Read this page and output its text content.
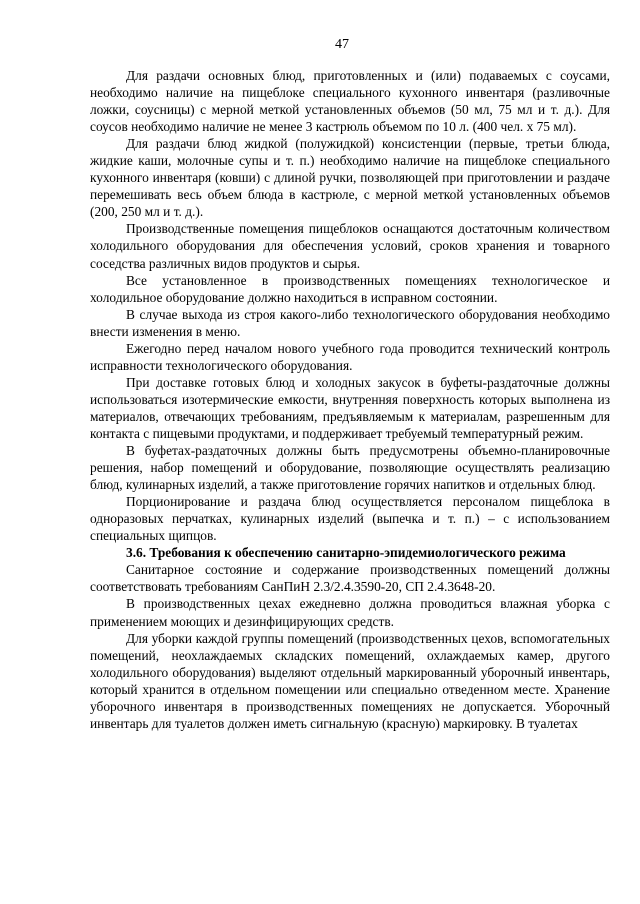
47

Для раздачи основных блюд, приготовленных и (или) подаваемых с соусами, необходимо наличие на пищеблоке специального кухонного инвентаря (разливочные ложки, соусницы) с мерной меткой установленных объемов (50 мл, 75 мл и т. д.). Для соусов необходимо наличие не менее 3 кастрюль объемом по 10 л. (400 чел. х 75 мл).

Для раздачи блюд жидкой (полужидкой) консистенции (первые, третьи блюда, жидкие каши, молочные супы и т. п.) необходимо наличие на пищеблоке специального кухонного инвентаря (ковши) с длиной ручки, позволяющей при приготовлении и раздаче перемешивать весь объем блюда в кастрюле, с мерной меткой установленных объемов (200, 250 мл и т. д.).

Производственные помещения пищеблоков оснащаются достаточным количеством холодильного оборудования для обеспечения условий, сроков хранения и товарного соседства различных видов продуктов и сырья.

Все установленное в производственных помещениях технологическое и холодильное оборудование должно находиться в исправном состоянии.

В случае выхода из строя какого-либо технологического оборудования необходимо внести изменения в меню.

Ежегодно перед началом нового учебного года проводится технический контроль исправности технологического оборудования.

При доставке готовых блюд и холодных закусок в буфеты-раздаточные должны использоваться изотермические емкости, внутренняя поверхность которых выполнена из материалов, отвечающих требованиям, предъявляемым к материалам, разрешенным для контакта с пищевыми продуктами, и поддерживает требуемый температурный режим.

В буфетах-раздаточных должны быть предусмотрены объемно-планировочные решения, набор помещений и оборудование, позволяющие осуществлять реализацию блюд, кулинарных изделий, а также приготовление горячих напитков и отдельных блюд.

Порционирование и раздача блюд осуществляется персоналом пищеблока в одноразовых перчатках, кулинарных изделий (выпечка и т. п.) – с использованием специальных щипцов.

3.6. Требования к обеспечению санитарно-эпидемиологического режима

Санитарное состояние и содержание производственных помещений должны соответствовать требованиям СанПиН 2.3/2.4.3590-20, СП 2.4.3648-20.

В производственных цехах ежедневно должна проводиться влажная уборка с применением моющих и дезинфицирующих средств.

Для уборки каждой группы помещений (производственных цехов, вспомогательных помещений, неохлаждаемых складских помещений, охлаждаемых камер, другого холодильного оборудования) выделяют отдельный маркированный уборочный инвентарь, который хранится в отдельном помещении или специально отведенном месте. Хранение уборочного инвентаря в производственных помещениях не допускается. Уборочный инвентарь для туалетов должен иметь сигнальную (красную) маркировку. В туалетах
